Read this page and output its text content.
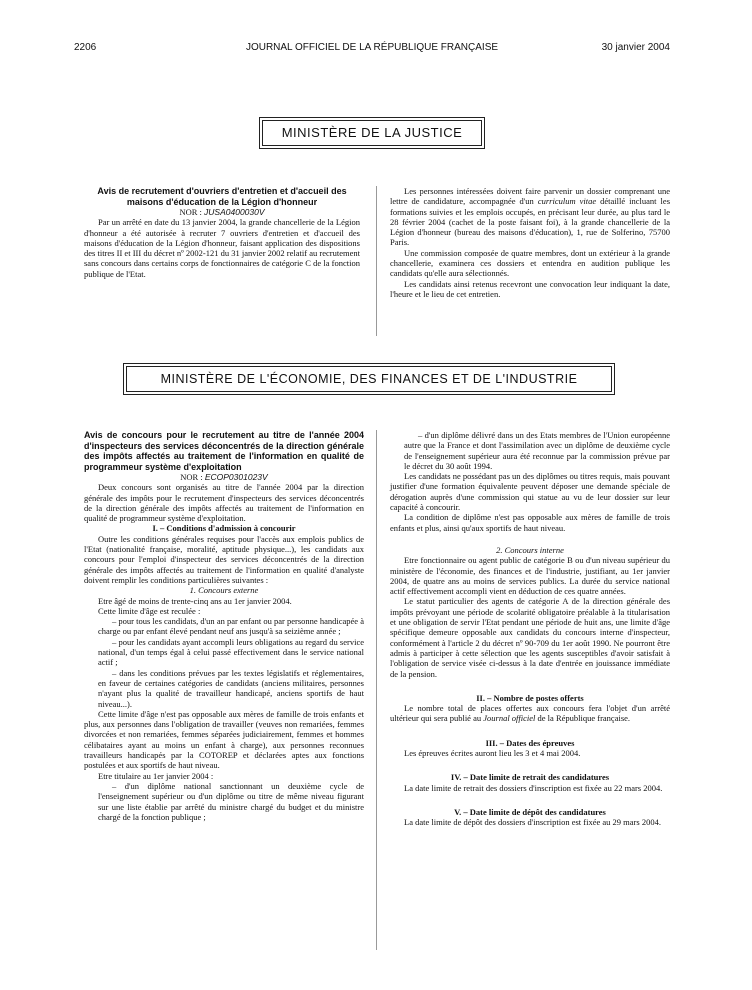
2206	JOURNAL OFFICIEL DE LA RÉPUBLIQUE FRANÇAISE	30 janvier 2004
MINISTÈRE DE LA JUSTICE

Avis de recrutement d'ouvriers d'entretien et d'accueil des maisons d'éducation de la Légion d'honneur

NOR : JUSA0400030V

Par un arrêté en date du 13 janvier 2004, la grande chancellerie de la Légion d'honneur a été autorisée à recruter 7 ouvriers d'entretien et d'accueil des maisons d'éducation de la Légion d'honneur, faisant application des dispositions des titres II et III du décret nº 2002-121 du 31 janvier 2002 relatif au recrutement sans concours dans certains corps de fonctionnaires de catégorie C de la fonction publique de l'Etat.

Les personnes intéressées doivent faire parvenir un dossier comprenant une lettre de candidature, accompagnée d'un curriculum vitae détaillé incluant les formations suivies et les emplois occupés, en précisant leur durée, au plus tard le 28 février 2004 (cachet de la poste faisant foi), à la grande chancellerie de la Légion d'honneur (bureau des maisons d'éducation), 1, rue de Solferino, 75700 Paris.

Une commission composée de quatre membres, dont un extérieur à la grande chancellerie, examinera ces dossiers et entendra en audition publique les candidats qu'elle aura sélectionnés.

Les candidats ainsi retenus recevront une convocation leur indiquant la date, l'heure et le lieu de cet entretien.

MINISTÈRE DE L'ÉCONOMIE, DES FINANCES ET DE L'INDUSTRIE

Avis de concours pour le recrutement au titre de l'année 2004 d'inspecteurs des services déconcentrés de la direction générale des impôts affectés au traitement de l'information en qualité de programmeur système d'exploitation

NOR : ECOP0301023V

Deux concours sont organisés au titre de l'année 2004 par la direction générale des impôts pour le recrutement d'inspecteurs des services déconcentrés de la direction générale des impôts affectés au traitement de l'information en qualité de programmeur système d'exploitation.

I. – Conditions d'admission à concourir

Outre les conditions générales requises pour l'accès aux emplois publics de l'Etat (nationalité française, moralité, aptitude physique...), les candidats aux concours pour l'emploi d'inspecteur des services déconcentrés de la direction générale des impôts affectés au traitement de l'information en qualité d'analyste doivent remplir les conditions particulières suivantes :

1. Concours externe

Etre âgé de moins de trente-cinq ans au 1er janvier 2004.

Cette limite d'âge est reculée :

– pour tous les candidats, d'un an par enfant ou par personne handicapée à charge ou par enfant élevé pendant neuf ans jusqu'à sa seizième année ;

– pour les candidats ayant accompli leurs obligations au regard du service national, d'un temps égal à celui passé effectivement dans le service national actif ;

– dans les conditions prévues par les textes législatifs et réglementaires, en faveur de certaines catégories de candidats (anciens militaires, personnes n'ayant plus la qualité de travailleur handicapé, anciens sportifs de haut niveau...).

Cette limite d'âge n'est pas opposable aux mères de famille de trois enfants et plus, aux personnes dans l'obligation de travailler (veuves non remariées, femmes divorcées et non remariées, femmes séparées judiciairement, femmes et hommes célibataires ayant au moins un enfant à charge), aux personnes reconnues travailleurs handicapés par la COTOREP et déclarées aptes aux fonctions postulées et aux sportifs de haut niveau.

Etre titulaire au 1er janvier 2004 :

– d'un diplôme national sanctionnant un deuxième cycle de l'enseignement supérieur ou d'un diplôme ou titre de même niveau figurant sur une liste établie par arrêté du ministre chargé du budget et du ministre chargé de la fonction publique ;

– d'un diplôme délivré dans un des Etats membres de l'Union européenne autre que la France et dont l'assimilation avec un diplôme de deuxième cycle de l'enseignement supérieur aura été reconnue par la commission prévue par le décret du 30 août 1994.

Les candidats ne possédant pas un des diplômes ou titres requis, mais pouvant justifier d'une formation équivalente peuvent déposer une demande spéciale de dérogation auprès d'une commission qui statue au vu de leur dossier sur leur capacité à concourir.

La condition de diplôme n'est pas opposable aux mères de famille de trois enfants et plus, ainsi qu'aux sportifs de haut niveau.

2. Concours interne

Etre fonctionnaire ou agent public de catégorie B ou d'un niveau supérieur du ministère de l'économie, des finances et de l'industrie, justifiant, au 1er janvier 2004, de quatre ans au moins de services publics. La durée du service national actif effectivement accompli vient en déduction de ces quatre années.

Le statut particulier des agents de catégorie A de la direction générale des impôts prévoyant une période de scolarité obligatoire préalable à la titularisation et une obligation de servir l'Etat pendant une période de huit ans, une limite d'âge spécifique demeure opposable aux candidats du concours interne d'inspecteur, conformément à l'article 2 du décret nº 90-709 du 1er août 1990. Ne pourront être admis à participer à cette sélection que les agents susceptibles d'avoir satisfait à l'obligation de service visée ci-dessus à la date d'entrée en jouissance immédiate de la pension.

II. – Nombre de postes offerts

Le nombre total de places offertes aux concours fera l'objet d'un arrêté ultérieur qui sera publié au Journal officiel de la République française.

III. – Dates des épreuves

Les épreuves écrites auront lieu les 3 et 4 mai 2004.

IV. – Date limite de retrait des candidatures

La date limite de retrait des dossiers d'inscription est fixée au 22 mars 2004.

V. – Date limite de dépôt des candidatures

La date limite de dépôt des dossiers d'inscription est fixée au 29 mars 2004.
